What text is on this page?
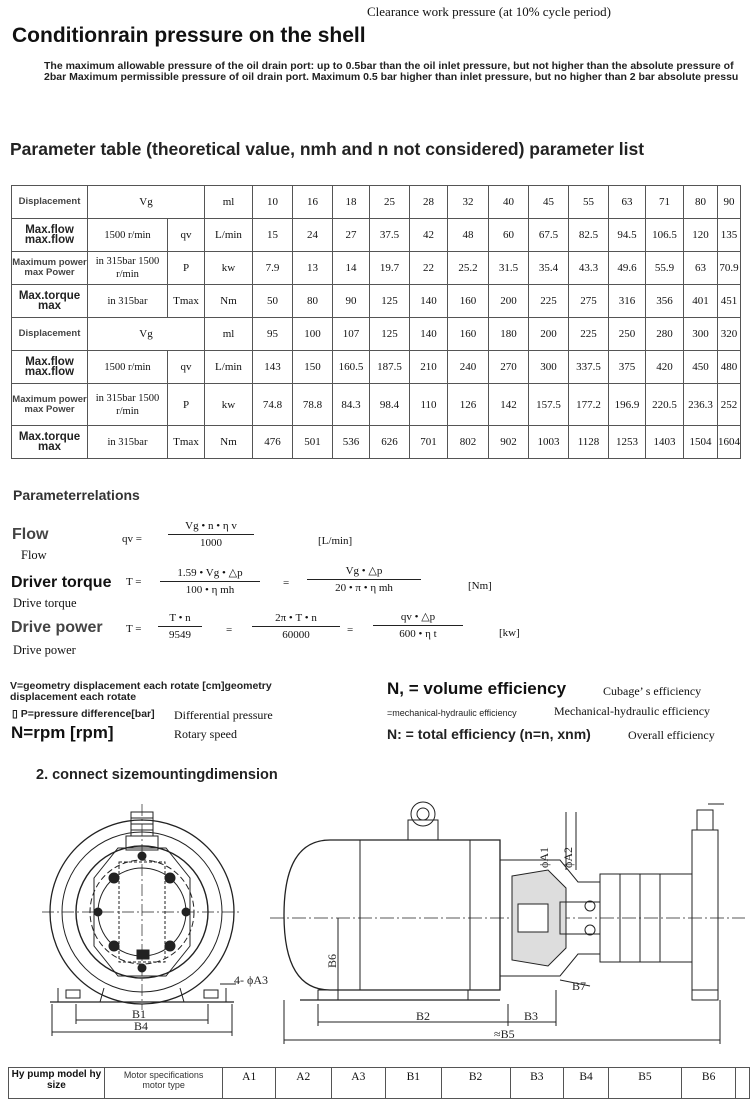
Clearance work pressure (at 10% cycle period)
Conditionrain pressure on the shell
The maximum allowable pressure of the oil drain port: up to 0.5bar than the oil inlet pressure, but not higher than the absolute pressure of 2bar Maximum permissible pressure of oil drain port. Maximum 0.5 bar higher than inlet pressure, but no higher than 2 bar absolute pressu
Parameter table (theoretical value, nmh and n not considered) parameter list
Displacement	Vg		ml	10	16	18	25	28	32	40	45	55	63	71	80	90
Max.flow max.flow	1500 r/min	qv	L/min	15	24	27	37.5	42	48	60	67.5	82.5	94.5	106.5	120	135
Maximum power max Power	in 315bar 1500 r/min	P	kw	7.9	13	14	19.7	22	25.2	31.5	35.4	43.3	49.6	55.9	63	70.9
Max.torque max	in 315bar	Tmax	Nm	50	80	90	125	140	160	200	225	275	316	356	401	451
Displacement	Vg		ml	95	100	107	125	140	160	180	200	225	250	280	300	320
Max.flow max.flow	1500 r/min	qv	L/min	143	150	160.5	187.5	210	240	270	300	337.5	375	420	450	480
Maximum power max Power	in 315bar 1500 r/min	P	kw	74.8	78.8	84.3	98.4	110	126	142	157.5	177.2	196.9	220.5	236.3	252
Max.torque max	in 315bar	Tmax	Nm	476	501	536	626	701	802	902	1003	1128	1253	1403	1504	1604
Parameterrelations
Flow
Flow
qv = $\frac{\text{Vg • n • η v}}{1000}$	[L/min]
Driver torque
Drive torque
$T = \frac{1.59 • Vg • \triangle p}{\text{100 • η mh}} = \frac{Vg • \triangle p}{\text{20 • π • η mh}}$	[Nm]
Drive power
Drive power
$T = \frac{T • n}{9549} = \frac{2\pi • T • n}{60000} = \frac{qv • \triangle p}{\text{600 • η t}}$	[kw]
V=geometry displacement each rotate [cm]geometry displacement each rotate
▯ P=pressure difference[bar] Differential pressure
N=rpm [rpm]	Rotary speed
N, = volume efficiency	Cubage’ s efficiency
=mechanical-hydraulic efficiency	Mechanical-hydraulic efficiency
N: = total efficiency (n=n, xnm)	Overall efficiency
2. connect sizemountingdimension
4- ϕA3
B1
B4
B2	B3
≈B5
B6
B7
ϕA1 ϕA2
Hy pump model hy
size

Motor specifications
motor type
	A1	A2	A3	B1	B2	B3	B4	B5	B6	
